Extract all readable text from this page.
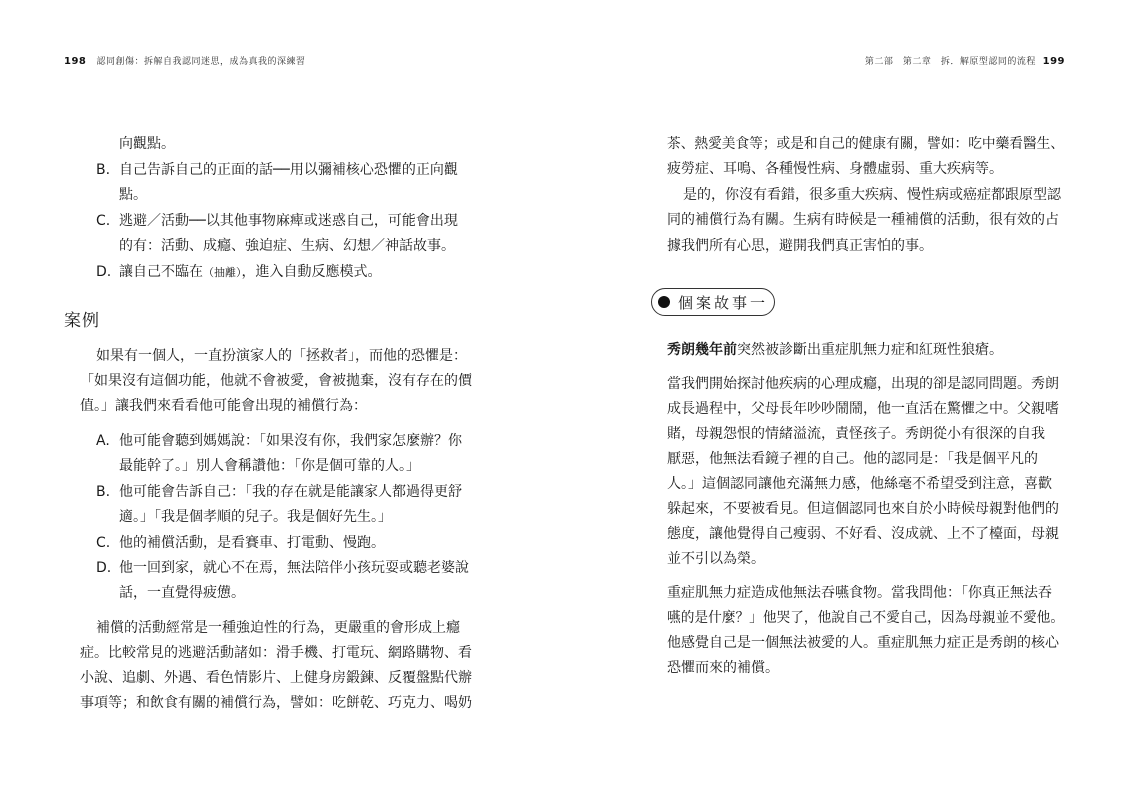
198 認同創傷：拆解自我認同迷思，成為真我的深練習
向觀點。
B. 自己告訴自己的正面的話──用以彌補核心恐懼的正向觀
點。
C. 逃避／活動──以其他事物麻痺或迷惑自己，可能會出現
的有：活動、成癮、強迫症、生病、幻想／神話故事。
D. 讓自己不臨在（抽離），進入自動反應模式。
案例
如果有一個人，一直扮演家人的「拯救者」，而他的恐懼是：
「如果沒有這個功能，他就不會被愛，會被拋棄，沒有存在的價
值。」讓我們來看看他可能會出現的補償行為：
A. 他可能會聽到媽媽說：「如果沒有你，我們家怎麼辦？你
最能幹了。」別人會稱讚他：「你是個可靠的人。」
B. 他可能會告訴自己：「我的存在就是能讓家人都過得更舒
適。」「我是個孝順的兒子。我是個好先生。」
C. 他的補償活動，是看賽車、打電動、慢跑。
D. 他一回到家，就心不在焉，無法陪伴小孩玩耍或聽老婆說
話，一直覺得疲憊。
補償的活動經常是一種強迫性的行為，更嚴重的會形成上癮
症。比較常見的逃避活動諸如：滑手機、打電玩、網路購物、看
小說、追劇、外遇、看色情影片、上健身房鍛鍊、反覆盤點代辦
事項等；和飲食有關的補償行為，譬如：吃餅乾、巧克力、喝奶
第二部　第二章　拆．解原型認同的流程 199
茶、熱愛美食等；或是和自己的健康有關，譬如：吃中藥看醫生、
疲勞症、耳鳴、各種慢性病、身體虛弱、重大疾病等。
是的，你沒有看錯，很多重大疾病、慢性病或癌症都跟原型認
同的補償行為有關。生病有時候是一種補償的活動，很有效的占
據我們所有心思，避開我們真正害怕的事。
個案故事一
秀朗幾年前突然被診斷出重症肌無力症和紅斑性狼瘡。
當我們開始探討他疾病的心理成癮，出現的卻是認同問題。秀朗
成長過程中，父母長年吵吵鬧鬧，他一直活在驚懼之中。父親嗜
賭，母親怨恨的情緒溢流，責怪孩子。秀朗從小有很深的自我
厭惡，他無法看鏡子裡的自己。他的認同是：「我是個平凡的
人。」這個認同讓他充滿無力感，他絲毫不希望受到注意，喜歡
躲起來，不要被看見。但這個認同也來自於小時候母親對他們的
態度，讓他覺得自己瘦弱、不好看、沒成就、上不了檯面，母親
並不引以為榮。
重症肌無力症造成他無法吞嚥食物。當我問他：「你真正無法吞
嚥的是什麼？」他哭了，他說自己不愛自己，因為母親並不愛他。
他感覺自己是一個無法被愛的人。重症肌無力症正是秀朗的核心
恐懼而來的補償。
